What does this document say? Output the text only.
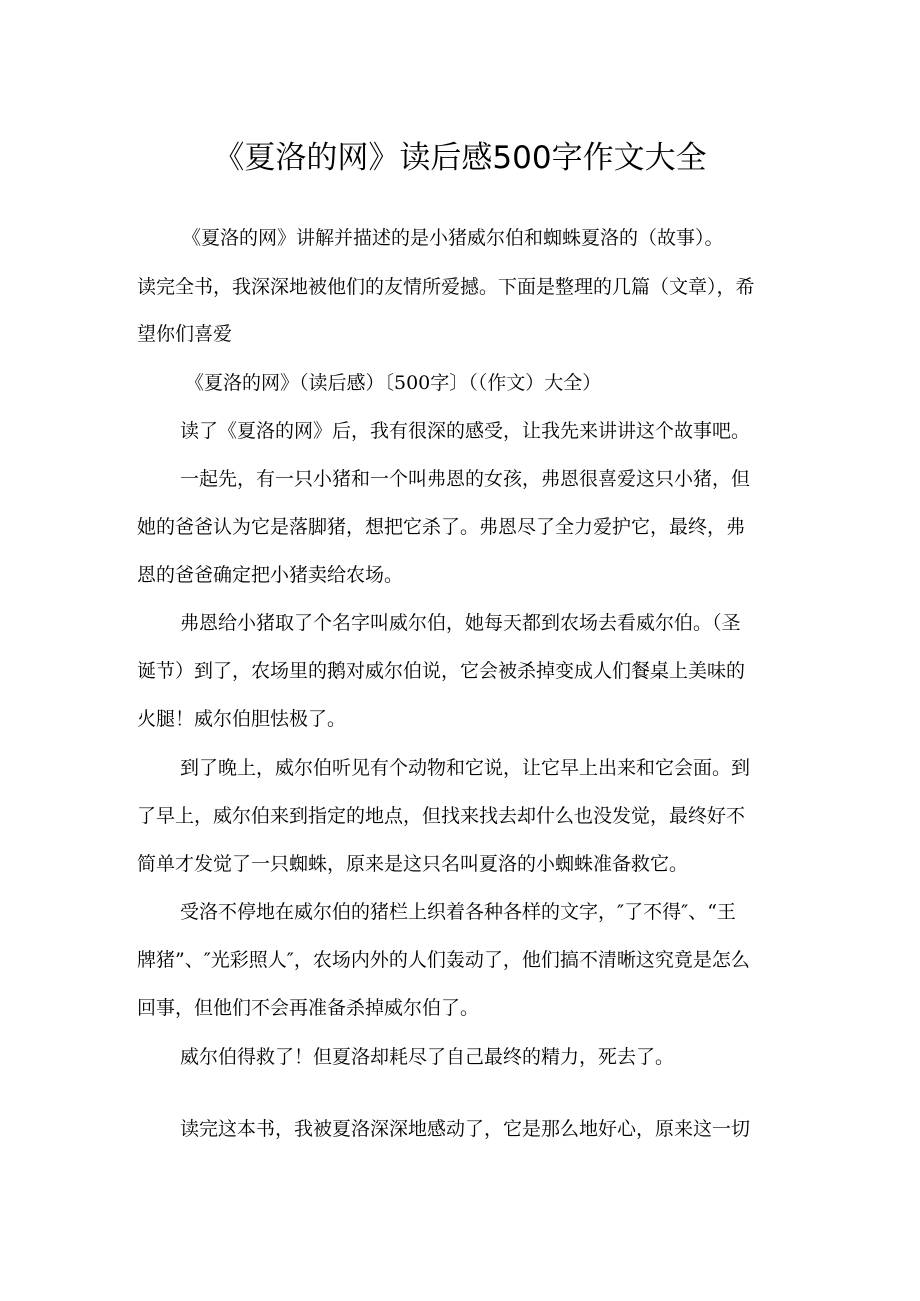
《夏洛的网》读后感500字作文大全
《夏洛的网》讲解并描述的是小猪威尔伯和蜘蛛夏洛的（故事）。
读完全书，我深深地被他们的友情所爱撼。下面是整理的几篇（文章），希
望你们喜爱
《夏洛的网》（读后感）〔500字〕（（作文）大全）
读了《夏洛的网》后，我有很深的感受，让我先来讲讲这个故事吧。
一起先，有一只小猪和一个叫弗恩的女孩，弗恩很喜爱这只小猪，但
她的爸爸认为它是落脚猪，想把它杀了。弗恩尽了全力爱护它，最终，弗
恩的爸爸确定把小猪卖给农场。
弗恩给小猪取了个名字叫威尔伯，她每天都到农场去看威尔伯。（圣
诞节）到了，农场里的鹅对威尔伯说，它会被杀掉变成人们餐桌上美味的
火腿！威尔伯胆怯极了。
到了晚上，威尔伯听见有个动物和它说，让它早上出来和它会面。到
了早上，威尔伯来到指定的地点，但找来找去却什么也没发觉，最终好不
简单才发觉了一只蜘蛛，原来是这只名叫夏洛的小蜘蛛准备救它。
受洛不停地在威尔伯的猪栏上织着各种各样的文字，″了不得″、“王
牌猪”、″光彩照人″，农场内外的人们轰动了，他们搞不清晰这究竟是怎么
回事，但他们不会再准备杀掉威尔伯了。
威尔伯得救了！但夏洛却耗尽了自己最终的精力，死去了。
读完这本书，我被夏洛深深地感动了，它是那么地好心，原来这一切
